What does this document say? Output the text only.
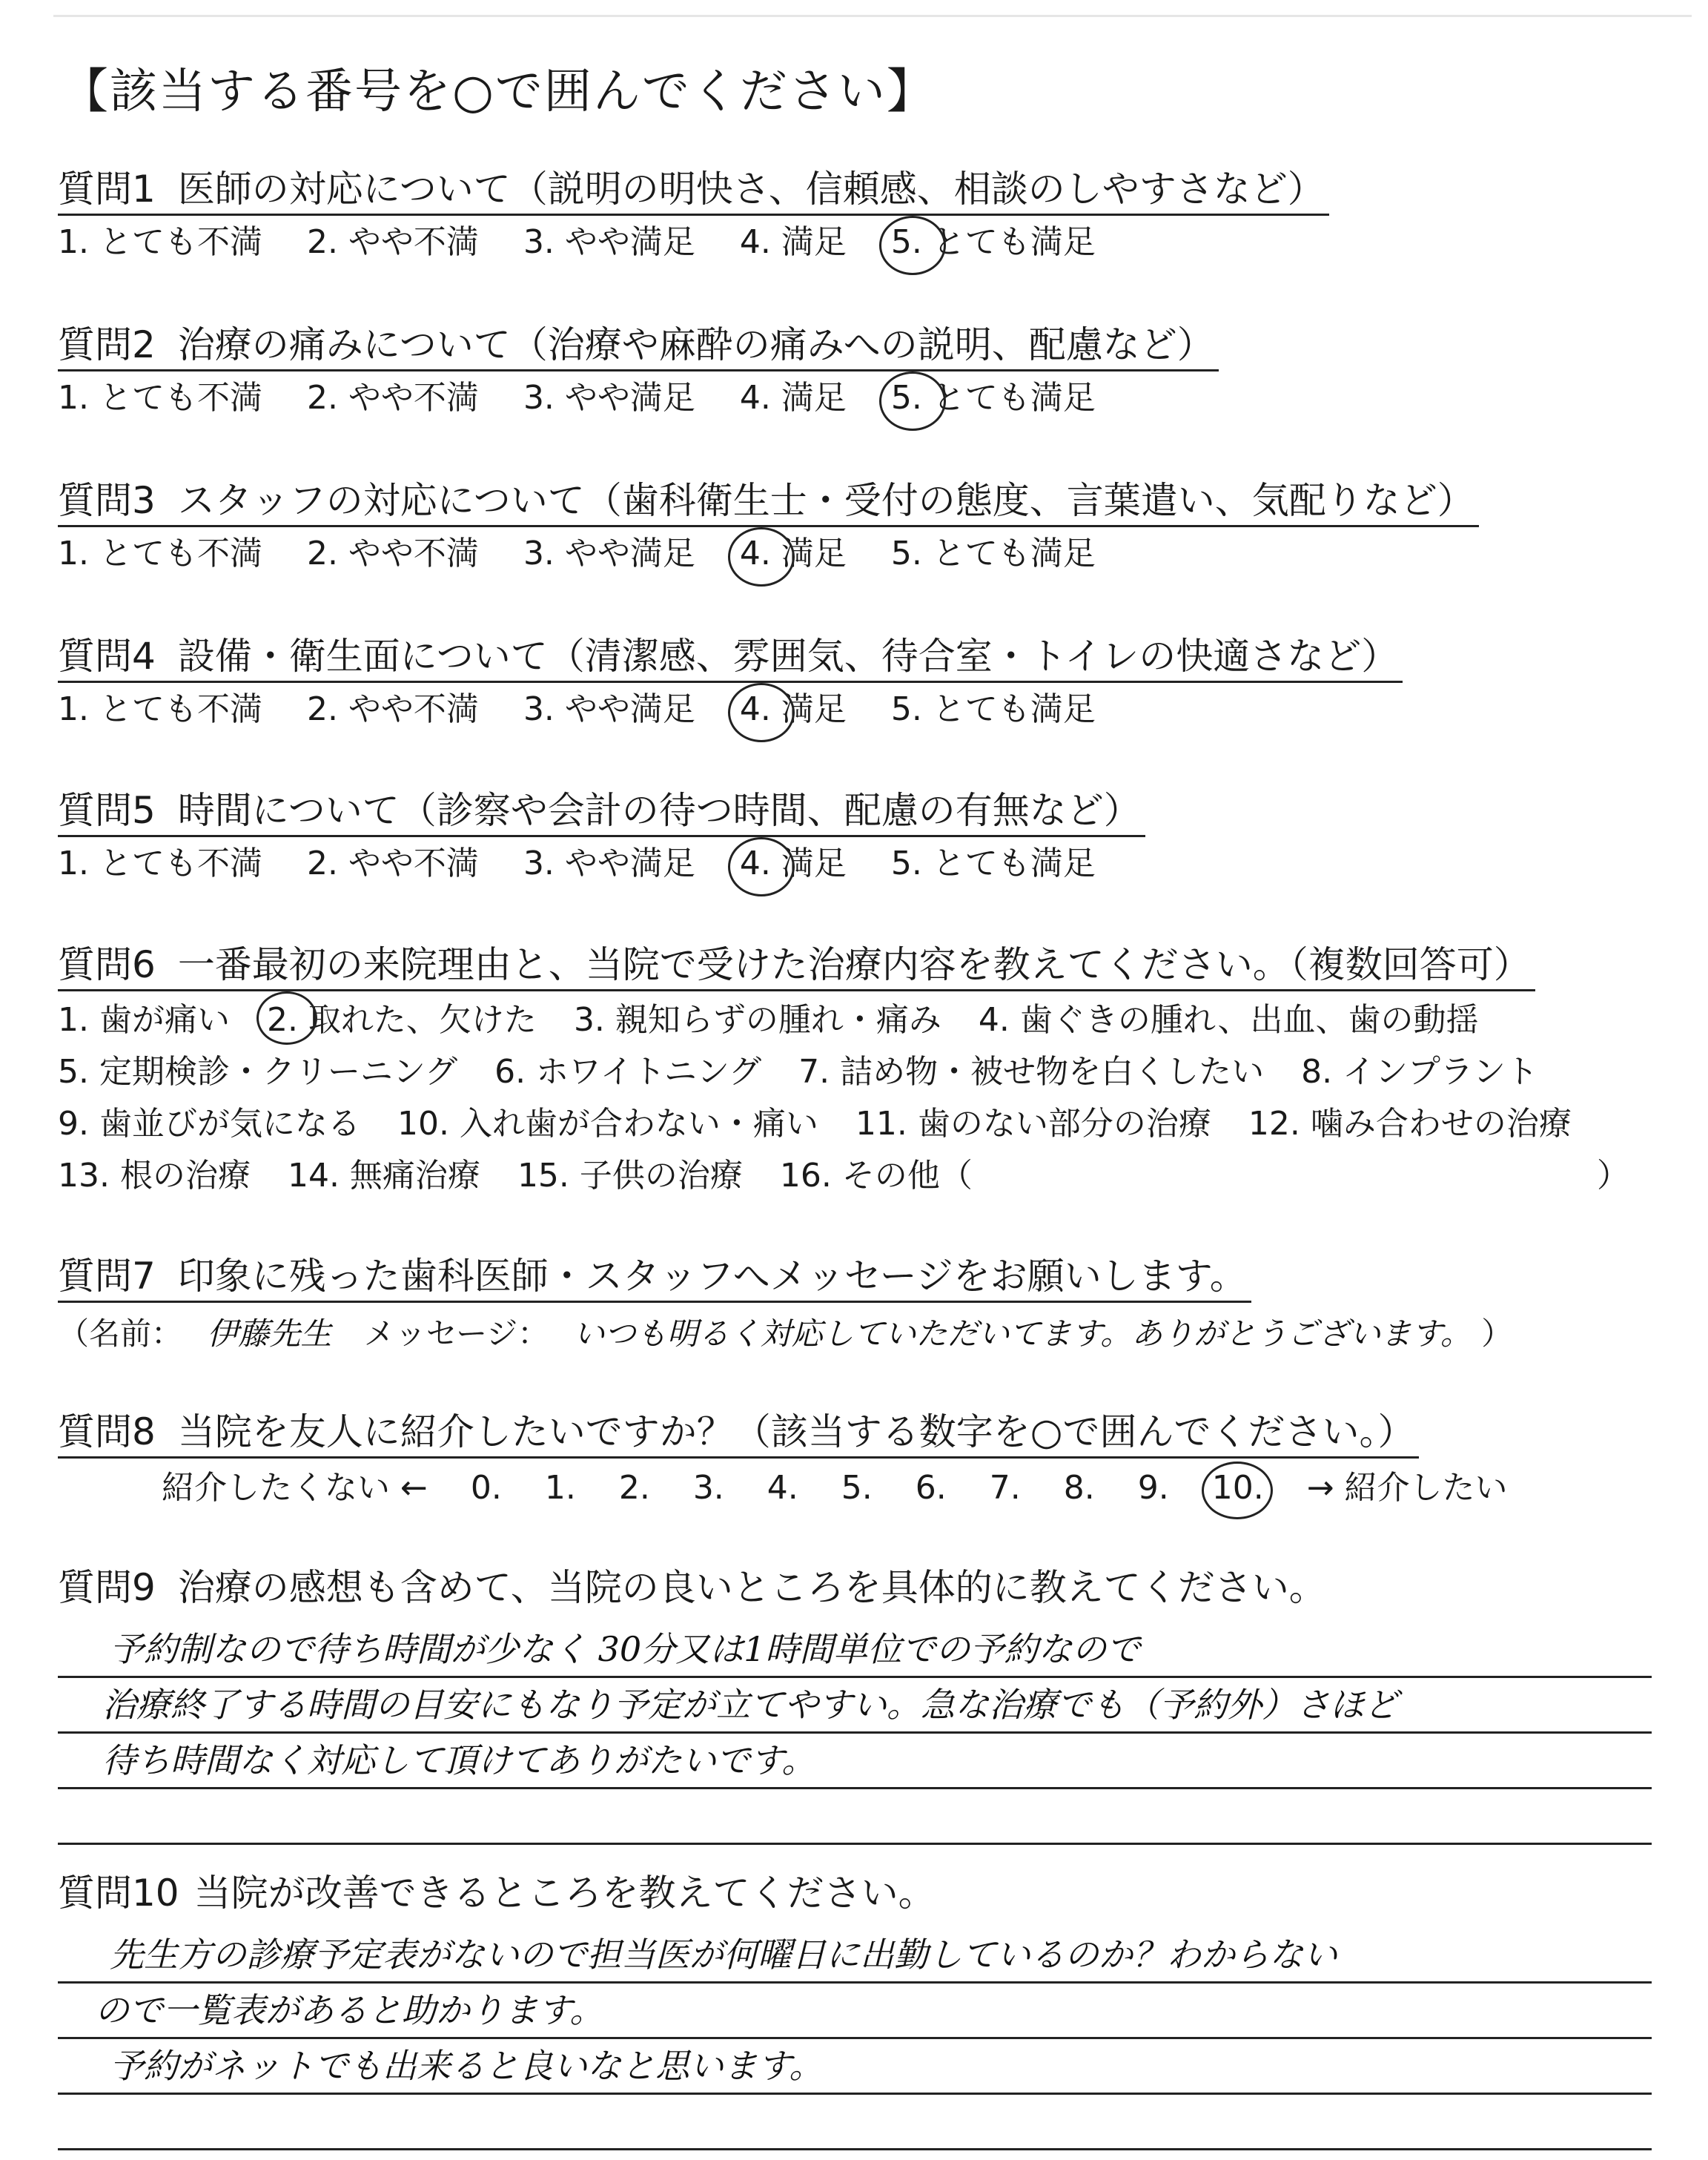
【該当する番号を○で囲んでください】
質問1 医師の対応について（説明の明快さ、信頼感、相談のしやすさなど）
1. とても不満 2. やや不満 3. やや満足 4. 満足 5. とても満足
質問2 治療の痛みについて（治療や麻酔の痛みへの説明、配慮など）
1. とても不満 2. やや不満 3. やや満足 4. 満足 5. とても満足
質問3 スタッフの対応について（歯科衛生士・受付の態度、言葉遣い、気配りなど）
1. とても不満 2. やや不満 3. やや満足 4. 満足 5. とても満足
質問4 設備・衛生面について（清潔感、雰囲気、待合室・トイレの快適さなど）
1. とても不満 2. やや不満 3. やや満足 4. 満足 5. とても満足
質問5 時間について（診察や会計の待つ時間、配慮の有無など）
1. とても不満 2. やや不満 3. やや満足 4. 満足 5. とても満足
質問6 一番最初の来院理由と、当院で受けた治療内容を教えてください。（複数回答可）
1. 歯が痛い 2. 取れた、欠けた 3. 親知らずの腫れ・痛み 4. 歯ぐきの腫れ、出血、歯の動揺
5. 定期検診・クリーニング 6. ホワイトニング 7. 詰め物・被せ物を白くしたい 8. インプラント
9. 歯並びが気になる 10. 入れ歯が合わない・痛い 11. 歯のない部分の治療 12. 噛み合わせの治療
13. 根の治療 14. 無痛治療 15. 子供の治療 16. その他（	）
質問7 印象に残った歯科医師・スタッフへメッセージをお願いします。
（名前： 伊藤先生 メッセージ： いつも明るく対応していただいてます。ありがとうございます。 ）
質問8 当院を友人に紹介したいですか？（該当する数字を○で囲んでください。）
紹介したくない ← 0. 1. 2. 3. 4. 5. 6. 7. 8. 9. 10. → 紹介したい
質問9 治療の感想も含めて、当院の良いところを具体的に教えてください。
予約制なので待ち時間が少なく 30分又は1時間単位での予約なので
治療終了する時間の目安にもなり予定が立てやすい。急な治療でも（予約外）さほど
待ち時間なく対応して頂けてありがたいです。
質問10 当院が改善できるところを教えてください。
先生方の診療予定表がないので担当医が何曜日に出勤しているのか？わからない
ので一覧表があると助かります。
予約がネットでも出来ると良いなと思います。
